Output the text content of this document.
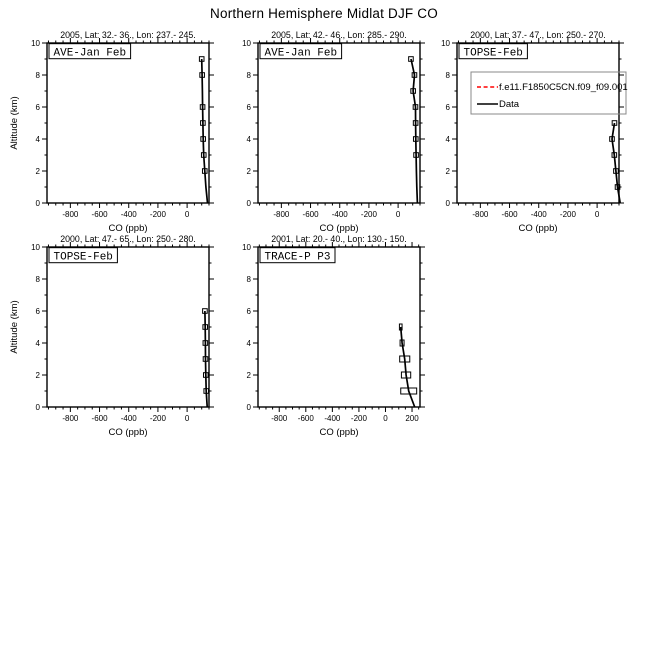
Northern Hemisphere Midlat DJF CO
2005, Lat: 32.- 36., Lon: 237.- 245.
-800 -600 -400 -200 0
0
2
4
6
8
10
CO (ppb)
Altitude (km)
AVE-Jan Feb
2005, Lat: 42.- 46., Lon: 285.- 290.
-800 -600 -400 -200 0
0
2
4
6
8
10
CO (ppb)
AVE-Jan Feb
2000, Lat: 37.- 47., Lon: 250.- 270.
-800 -600 -400 -200 0
0
2
4
6
8
10
CO (ppb)
TOPSE-Feb
f.e11.F1850C5CN.f09_f09.001
Data
2000, Lat: 47.- 65., Lon: 250.- 280.
-800 -600 -400 -200 0
0
2
4
6
8
10
CO (ppb)
Altitude (km)
TOPSE-Feb
2001, Lat: 20.- 40., Lon: 130.- 150.
-800 -600 -400 -200 0 200
0
2
4
6
8
10
CO (ppb)
TRACE-P P3
